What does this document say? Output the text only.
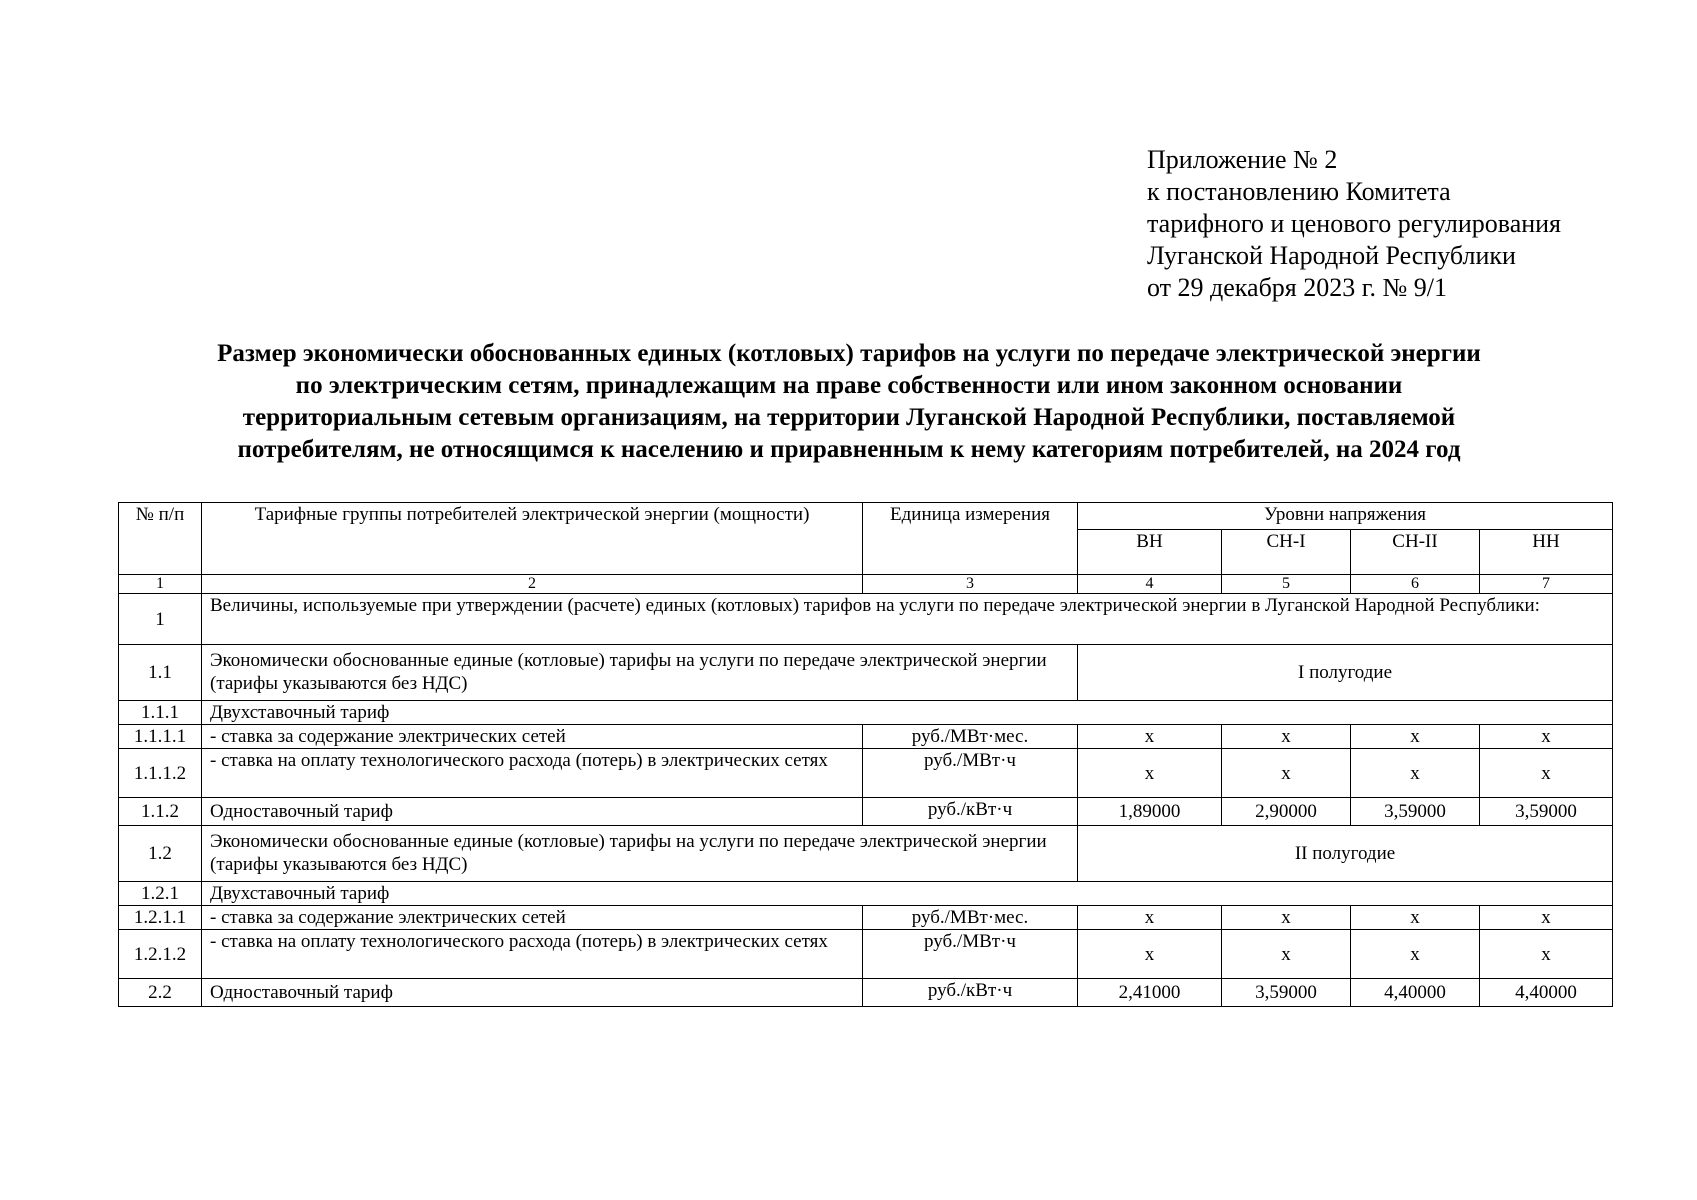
Приложение № 2
к постановлению Комитета
тарифного и ценового регулирования
Луганской Народной Республики
от 29 декабря 2023 г. № 9/1
Размер экономически обоснованных единых (котловых) тарифов на услуги по передаче электрической энергии
по электрическим сетям, принадлежащим на праве собственности или ином законном основании
территориальным сетевым организациям, на территории Луганской Народной Республики, поставляемой
потребителям, не относящимся к населению и приравненным к нему категориям потребителей, на 2024 год
№ п/п	Тарифные группы потребителей электрической энергии (мощности)	Единица измерения	Уровни напряжения			
			ВН	СН-I	СН-II	НН
1	2	3	4	5	6	7
1	Величины, используемые при утверждении (расчете) единых (котловых) тарифов на услуги по передаче электрической энергии в Луганской Народной Республики:					
1.1	Экономически обоснованные единые (котловые) тарифы на услуги по передаче электрической энергии (тарифы указываются без НДС)		I полугодие			
1.1.1	Двухставочный тариф					
1.1.1.1	- ставка за содержание электрических сетей	руб./МВт·мес.	x	x	x	x
1.1.1.2	- ставка на оплату технологического расхода (потерь) в электрических сетях	руб./МВт·ч	x	x	x	x
1.1.2	Одноставочный тариф	руб./кВт·ч	1,89000	2,90000	3,59000	3,59000
1.2	Экономически обоснованные единые (котловые) тарифы на услуги по передаче электрической энергии (тарифы указываются без НДС)		II полугодие			
1.2.1	Двухставочный тариф					
1.2.1.1	- ставка за содержание электрических сетей	руб./МВт·мес.	x	x	x	x
1.2.1.2	- ставка на оплату технологического расхода (потерь) в электрических сетях	руб./МВт·ч	x	x	x	x
2.2	Одноставочный тариф	руб./кВт·ч	2,41000	3,59000	4,40000	4,40000
